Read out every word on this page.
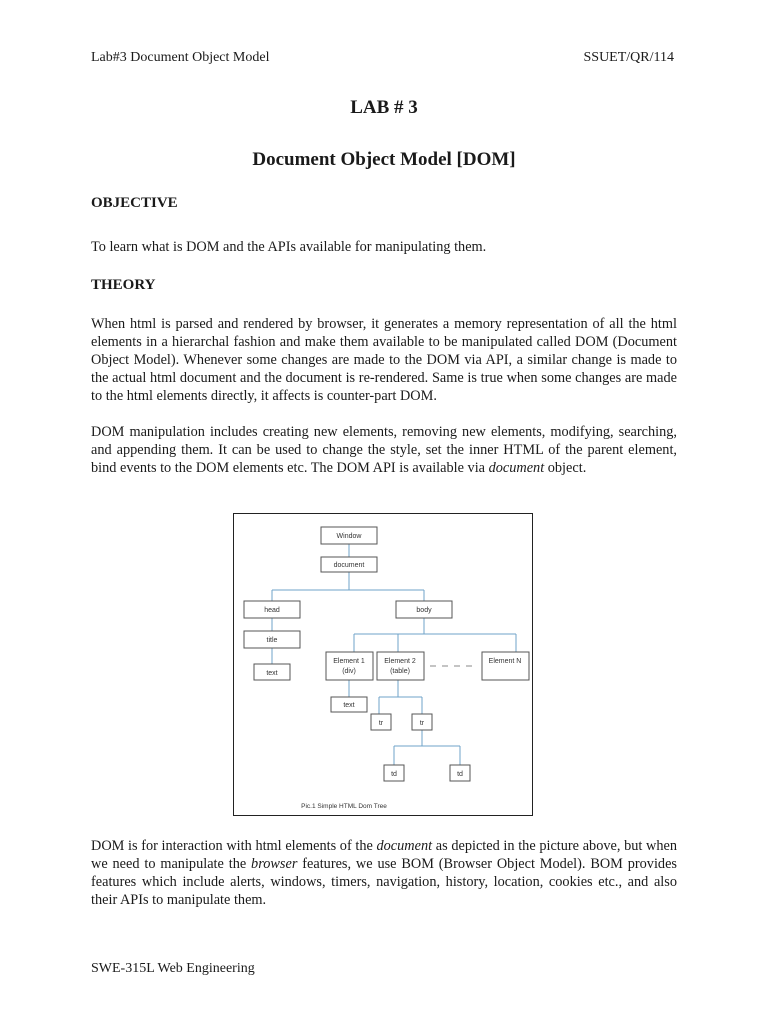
Lab#3 Document Object Model	SSUET/QR/114
LAB # 3
Document Object Model [DOM]
OBJECTIVE
To learn what is DOM and the APIs available for manipulating them.
THEORY
When html is parsed and rendered by browser, it generates a memory representation of all the html elements in a hierarchal fashion and make them available to be manipulated called DOM (Document Object Model). Whenever some changes are made to the DOM via API, a similar change is made to the actual html document and the document is re-rendered. Same is true when some changes are made to the html elements directly, it affects is counter-part DOM.
DOM manipulation includes creating new elements, removing new elements, modifying, searching, and appending them. It can be used to change the style, set the inner HTML of the parent element, bind events to the DOM elements etc. The DOM API is available via document object.
Window
document
head	body
title
text
Element 1
(div)
Element 2
(table)
Element N
text
tr	tr
td	td
Pic.1 Simple HTML Dom Tree
DOM is for interaction with html elements of the document as depicted in the picture above, but when we need to manipulate the browser features, we use BOM (Browser Object Model). BOM provides features which include alerts, windows, timers, navigation, history, location, cookies etc., and also their APIs to manipulate them.
SWE-315L Web Engineering
